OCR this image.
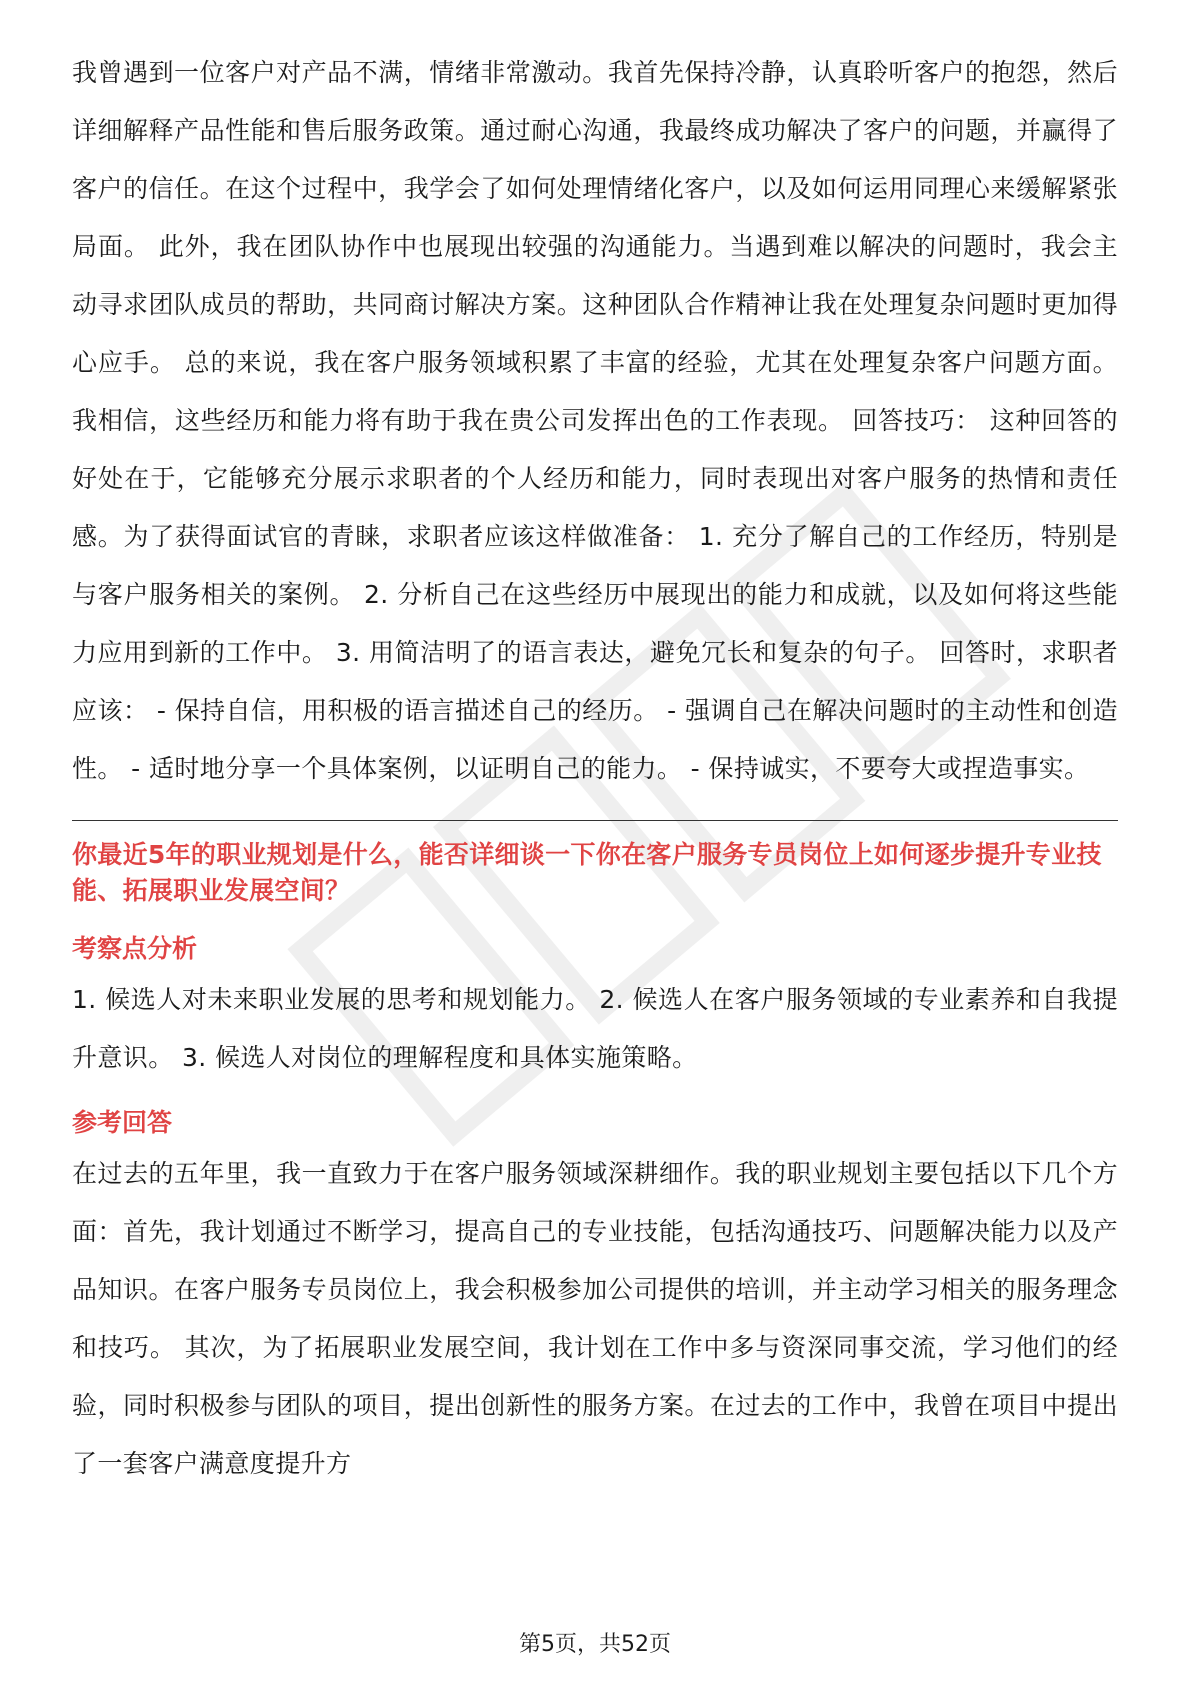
我曾遇到一位客户对产品不满，情绪非常激动。我首先保持冷静，认真聆听客户的抱怨，然后详细解释产品性能和售后服务政策。通过耐心沟通，我最终成功解决了客户的问题，并赢得了客户的信任。在这个过程中，我学会了如何处理情绪化客户，以及如何运用同理心来缓解紧张局面。 此外，我在团队协作中也展现出较强的沟通能力。当遇到难以解决的问题时，我会主动寻求团队成员的帮助，共同商讨解决方案。这种团队合作精神让我在处理复杂问题时更加得心应手。 总的来说，我在客户服务领域积累了丰富的经验，尤其在处理复杂客户问题方面。我相信，这些经历和能力将有助于我在贵公司发挥出色的工作表现。 回答技巧： 这种回答的好处在于，它能够充分展示求职者的个人经历和能力，同时表现出对客户服务的热情和责任感。为了获得面试官的青睐，求职者应该这样做准备： 1. 充分了解自己的工作经历，特别是与客户服务相关的案例。 2. 分析自己在这些经历中展现出的能力和成就，以及如何将这些能力应用到新的工作中。 3. 用简洁明了的语言表达，避免冗长和复杂的句子。 回答时，求职者应该： - 保持自信，用积极的语言描述自己的经历。 - 强调自己在解决问题时的主动性和创造性。 - 适时地分享一个具体案例，以证明自己的能力。 - 保持诚实，不要夸大或捏造事实。

你最近5年的职业规划是什么，能否详细谈一下你在客户服务专员岗位上如何逐步提升专业技能、拓展职业发展空间？
考察点分析

1. 候选人对未来职业发展的思考和规划能力。 2. 候选人在客户服务领域的专业素养和自我提升意识。 3. 候选人对岗位的理解程度和具体实施策略。

参考回答

在过去的五年里，我一直致力于在客户服务领域深耕细作。我的职业规划主要包括以下几个方面：首先，我计划通过不断学习，提高自己的专业技能，包括沟通技巧、问题解决能力以及产品知识。在客户服务专员岗位上，我会积极参加公司提供的培训，并主动学习相关的服务理念和技巧。 其次，为了拓展职业发展空间，我计划在工作中多与资深同事交流，学习他们的经验，同时积极参与团队的项目，提出创新性的服务方案。在过去的工作中，我曾在项目中提出了一套客户满意度提升方

第5页，共52页
